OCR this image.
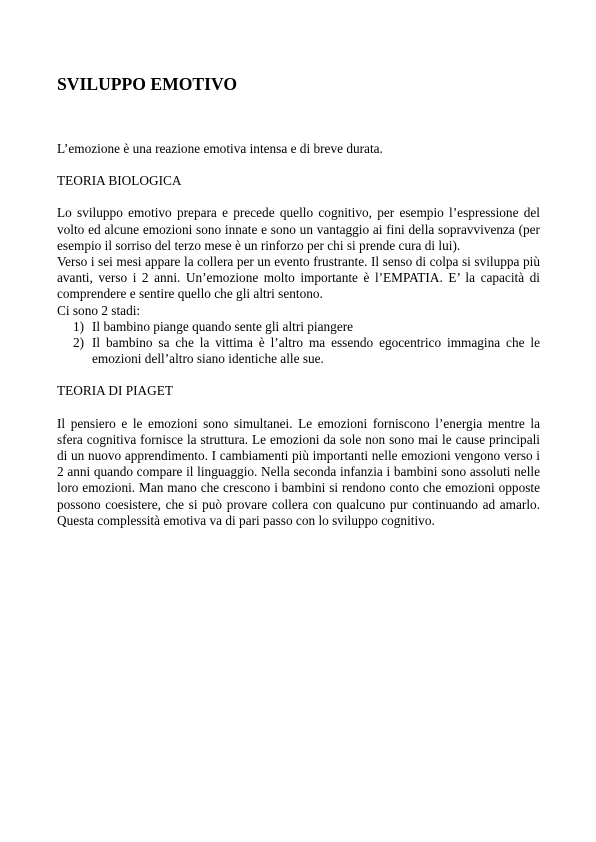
SVILUPPO EMOTIVO

L’emozione è una reazione emotiva intensa e di breve durata.

TEORIA BIOLOGICA

Lo sviluppo emotivo prepara e precede quello cognitivo, per esempio l’espressione del volto ed alcune emozioni sono innate e sono un vantaggio ai fini della sopravvivenza (per esempio il sorriso del terzo mese è un rinforzo per chi si prende cura di lui).

Verso i sei mesi appare la collera per un evento frustrante. Il senso di colpa si sviluppa più avanti, verso i 2 anni. Un’emozione molto importante è l’EMPATIA. E’ la capacità di comprendere e sentire quello che gli altri sentono.

Ci sono 2 stadi:

1) Il bambino piange quando sente gli altri piangere
2) Il bambino sa che la vittima è l’altro ma essendo egocentrico immagina che le emozioni dell’altro siano identiche alle sue.

TEORIA DI PIAGET

Il pensiero e le emozioni sono simultanei. Le emozioni forniscono l’energia mentre la sfera cognitiva fornisce la struttura. Le emozioni da sole non sono mai le cause principali di un nuovo apprendimento. I cambiamenti più importanti nelle emozioni vengono verso i 2 anni quando compare il linguaggio. Nella seconda infanzia i bambini sono assoluti nelle loro emozioni. Man mano che crescono i bambini si rendono conto che emozioni opposte possono coesistere, che si può provare collera con qualcuno pur continuando ad amarlo. Questa complessità emotiva va di pari passo con lo sviluppo cognitivo.
